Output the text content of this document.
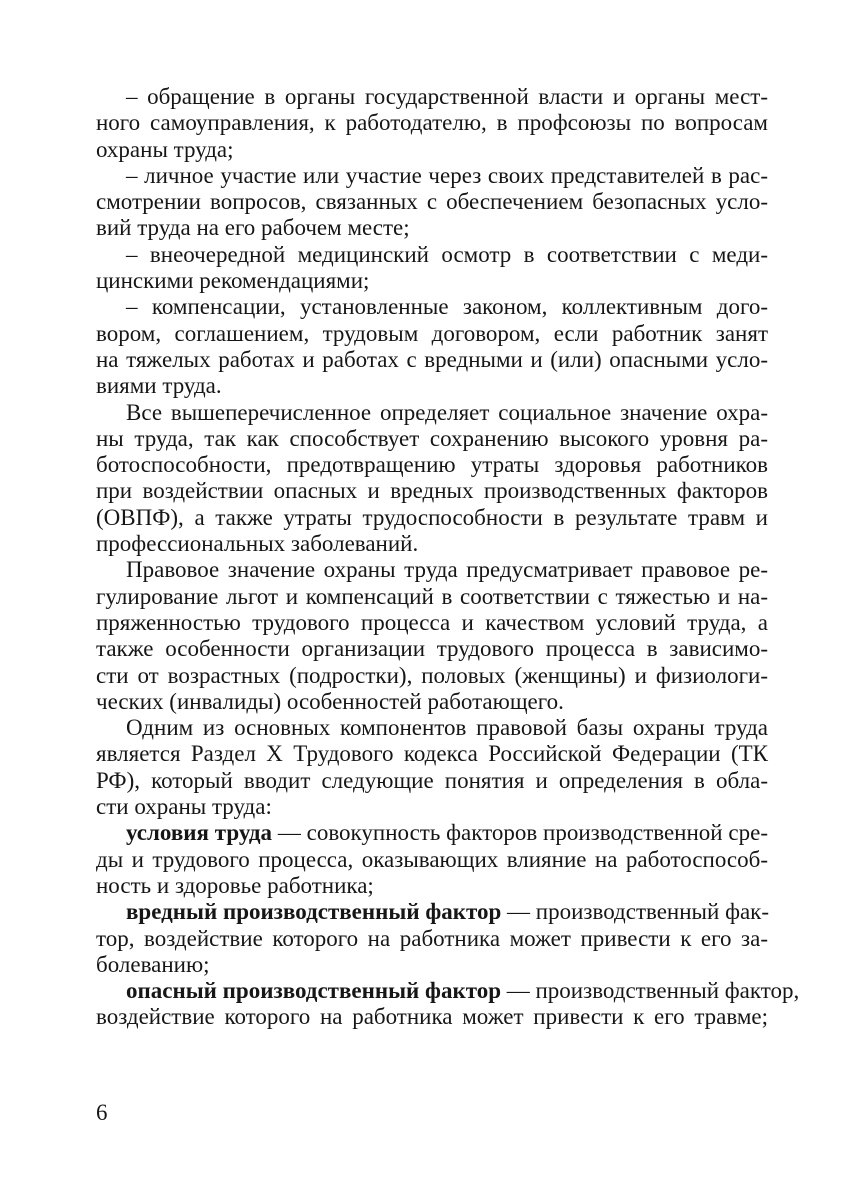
– обращение в органы государственной власти и органы мест-
ного самоуправления, к работодателю, в профсоюзы по вопросам
охраны труда;
– личное участие или участие через своих представителей в рас-
смотрении вопросов, связанных с обеспечением безопасных усло-
вий труда на его рабочем месте;
– внеочередной медицинский осмотр в соответствии с меди-
цинскими рекомендациями;
– компенсации, установленные законом, коллективным дого-
вором, соглашением, трудовым договором, если работник занят
на тяжелых работах и работах с вредными и (или) опасными усло-
виями труда.
Все вышеперечисленное определяет социальное значение охра-
ны труда, так как способствует сохранению высокого уровня ра-
ботоспособности, предотвращению утраты здоровья работников
при воздействии опасных и вредных производственных факторов
(ОВПФ), а также утраты трудоспособности в результате травм и
профессиональных заболеваний.
Правовое значение охраны труда предусматривает правовое ре-
гулирование льгот и компенсаций в соответствии с тяжестью и на-
пряженностью трудового процесса и качеством условий труда, а
также особенности организации трудового процесса в зависимо-
сти от возрастных (подростки), половых (женщины) и физиологи-
ческих (инвалиды) особенностей работающего.
Одним из основных компонентов правовой базы охраны труда
является Раздел X Трудового кодекса Российской Федерации (ТК
РФ), который вводит следующие понятия и определения в обла-
сти охраны труда:
условия труда — совокупность факторов производственной сре-
ды и трудового процесса, оказывающих влияние на работоспособ-
ность и здоровье работника;
вредный производственный фактор — производственный фак-
тор, воздействие которого на работника может привести к его за-
болеванию;
опасный производственный фактор — производственный фактор,
воздействие которого на работника может привести к его травме;
6
